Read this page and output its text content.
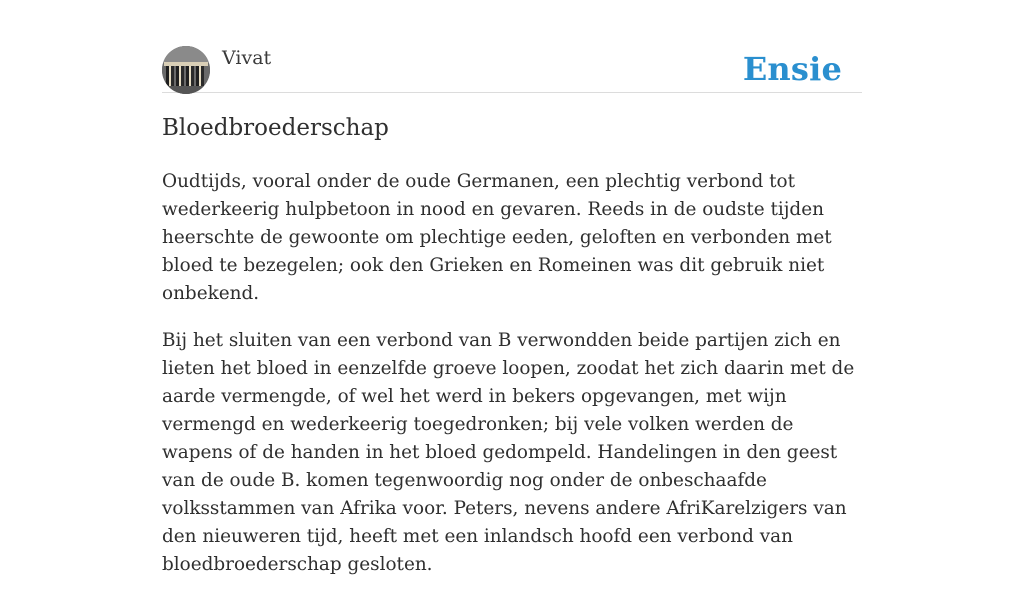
Vivat	Ensie
Bloedbroederschap

Oudtijds, vooral onder de oude Germanen, een plechtig verbond tot wederkeerig hulpbetoon in nood en gevaren. Reeds in de oudste tijden heerschte de gewoonte om plechtige eeden, geloften en verbonden met bloed te bezegelen; ook den Grieken en Romeinen was dit gebruik niet onbekend.

Bij het sluiten van een verbond van B verwondden beide partijen zich en lieten het bloed in eenzelfde groeve loopen, zoodat het zich daarin met de aarde vermengde, of wel het werd in bekers opgevangen, met wijn vermengd en wederkeerig toegedronken; bij vele volken werden de wapens of de handen in het bloed gedompeld. Handelingen in den geest van de oude B. komen tegenwoordig nog onder de onbeschaafde volksstammen van Afrika voor. Peters, nevens andere AfriKarelzigers van den nieuweren tijd, heeft met een inlandsch hoofd een verbond van bloedbroederschap gesloten.
